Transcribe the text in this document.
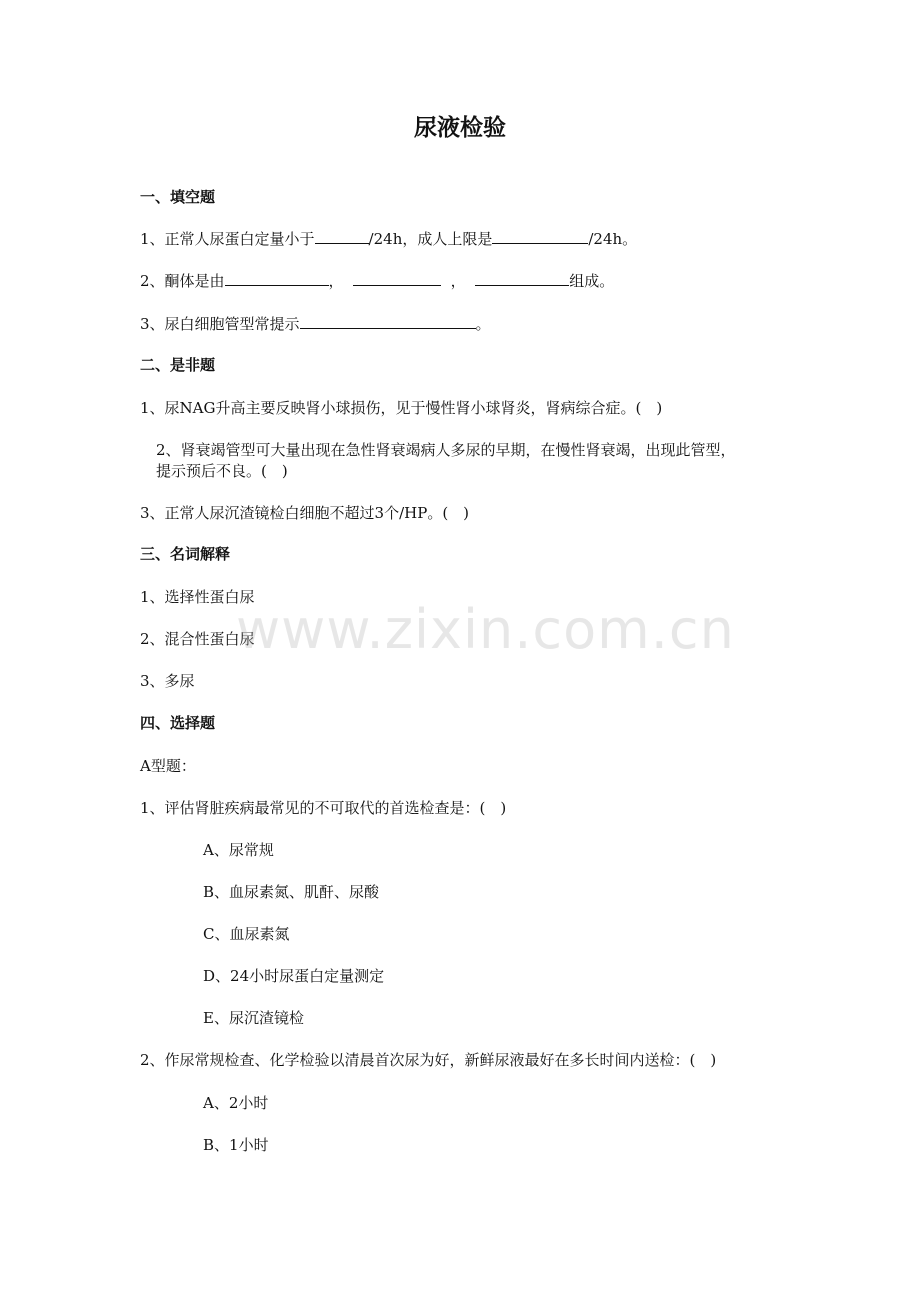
尿液检验
一、填空题
1、正常人尿蛋白定量小于	/24h，成人上限是	/24h。
2、酮体是由	，	，	组成。
3、尿白细胞管型常提示	。
二、是非题
1、尿NAG升高主要反映肾小球损伤，见于慢性肾小球肾炎，肾病综合症。(　)
2、肾衰竭管型可大量出现在急性肾衰竭病人多尿的早期，在慢性肾衰竭，出现此管型，
提示预后不良。(　)
3、正常人尿沉渣镜检白细胞不超过3个/HP。(　)
三、名词解释
1、选择性蛋白尿
2、混合性蛋白尿
3、多尿
四、选择题
A型题：
1、评估肾脏疾病最常见的不可取代的首选检查是：(　)
A、尿常规
B、血尿素氮、肌酐、尿酸
C、血尿素氮
D、24小时尿蛋白定量测定
E、尿沉渣镜检
2、作尿常规检查、化学检验以清晨首次尿为好，新鲜尿液最好在多长时间内送检：(　)
A、2小时
B、1小时
www.zixin.com.cn
